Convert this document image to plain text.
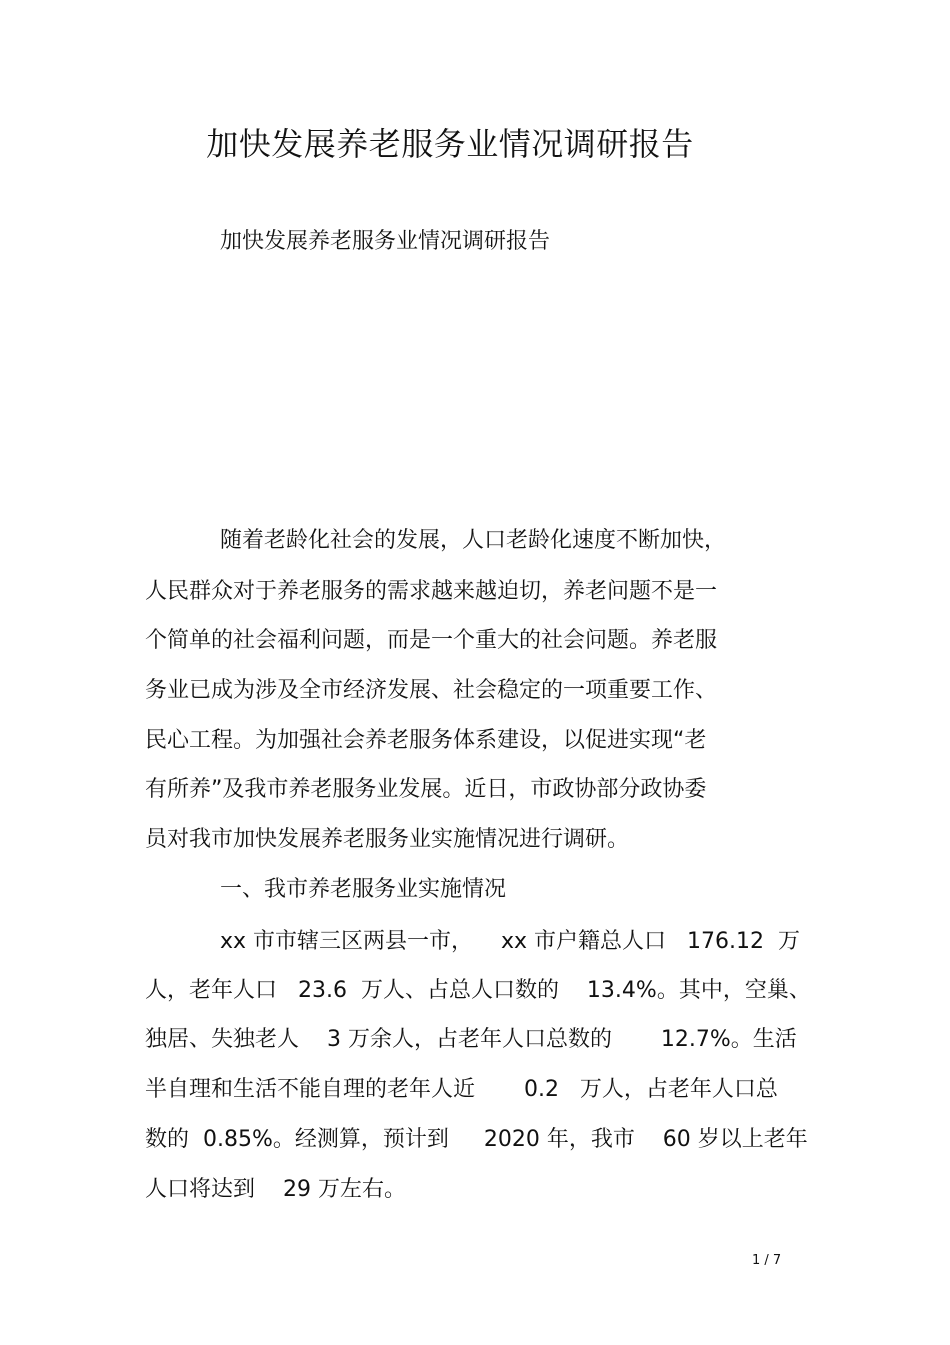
加快发展养老服务业情况调研报告

加快发展养老服务业情况调研报告

随着老龄化社会的发展，人口老龄化速度不断加快，

人民群众对于养老服务的需求越来越迫切，养老问题不是一

个简单的社会福利问题，而是一个重大的社会问题。养老服

务业已成为涉及全市经济发展、社会稳定的一项重要工作、

民心工程。为加强社会养老服务体系建设，以促进实现“老

有所养”及我市养老服务业发展。近日，市政协部分政协委

员对我市加快发展养老服务业实施情况进行调研。

一、我市养老服务业实施情况

xx 市市辖三区两县一市，    xx 市户籍总人口   176.12  万

人，老年人口   23.6  万人、占总人口数的    13.4%。其中，空巢、

独居、失独老人    3 万余人，占老年人口总数的       12.7%。生活

半自理和生活不能自理的老年人近       0.2   万人，占老年人口总

数的  0.85%。经测算，预计到     2020 年，我市    60 岁以上老年

人口将达到    29 万左右。

1 / 7
